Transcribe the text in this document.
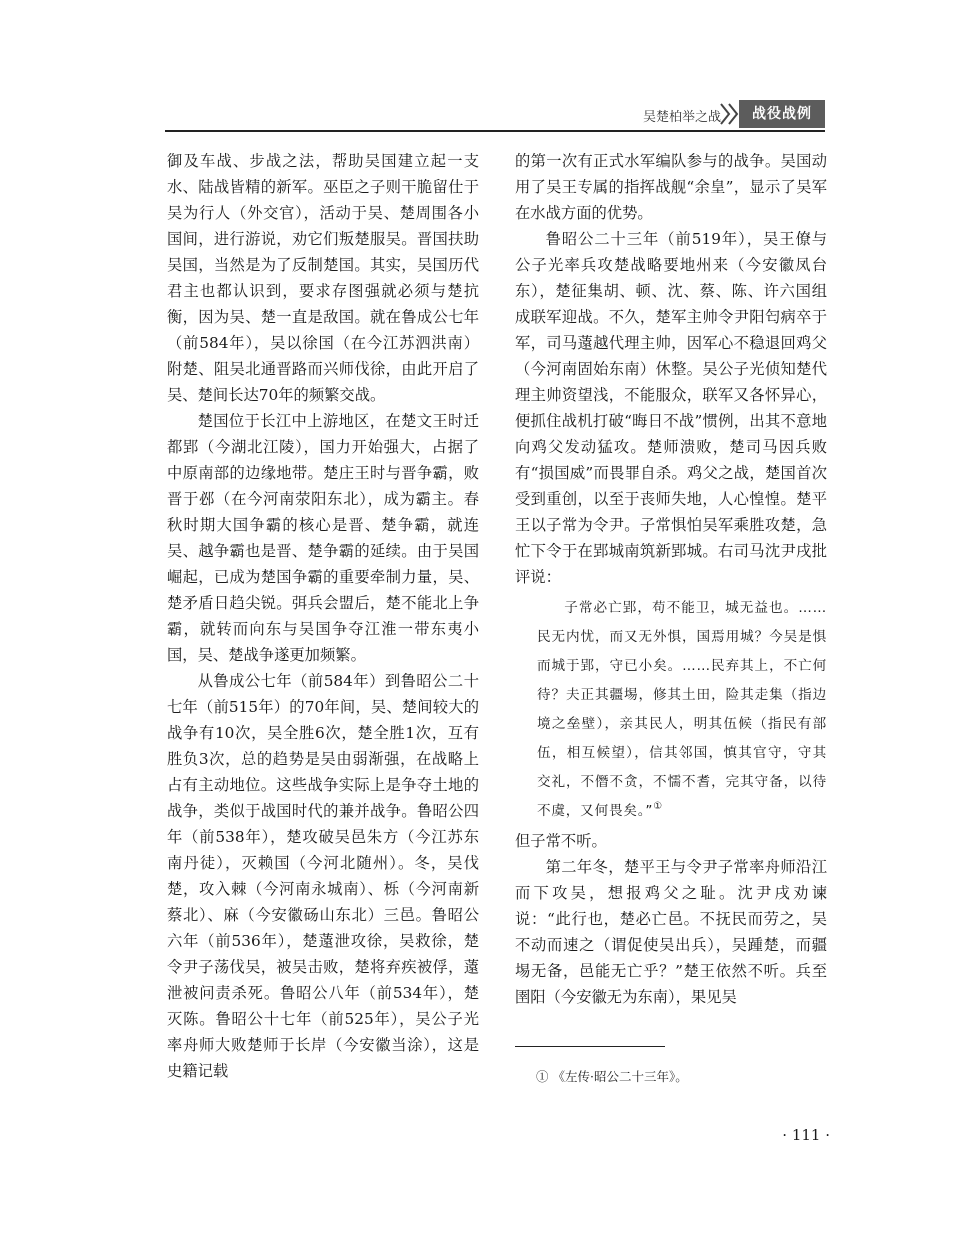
吴楚柏举之战	战役战例

御及车战、步战之法，帮助吴国建立起一支水、陆战皆精的新军。巫臣之子则干脆留仕于吴为行人（外交官），活动于吴、楚周围各小国间，进行游说，劝它们叛楚服吴。晋国扶助吴国，当然是为了反制楚国。其实，吴国历代君主也都认识到，要求存图强就必须与楚抗衡，因为吴、楚一直是敌国。就在鲁成公七年（前584年），吴以徐国（在今江苏泗洪南）附楚、阻吴北通晋路而兴师伐徐，由此开启了吴、楚间长达70年的频繁交战。

楚国位于长江中上游地区，在楚文王时迁都郢（今湖北江陵），国力开始强大，占据了中原南部的边缘地带。楚庄王时与晋争霸，败晋于邲（在今河南荥阳东北），成为霸主。春秋时期大国争霸的核心是晋、楚争霸，就连吴、越争霸也是晋、楚争霸的延续。由于吴国崛起，已成为楚国争霸的重要牵制力量，吴、楚矛盾日趋尖锐。弭兵会盟后，楚不能北上争霸，就转而向东与吴国争夺江淮一带东夷小国，吴、楚战争遂更加频繁。

从鲁成公七年（前584年）到鲁昭公二十七年（前515年）的70年间，吴、楚间较大的战争有10次，吴全胜6次，楚全胜1次，互有胜负3次，总的趋势是吴由弱渐强，在战略上占有主动地位。这些战争实际上是争夺土地的战争，类似于战国时代的兼并战争。鲁昭公四年（前538年），楚攻破吴邑朱方（今江苏东南丹徒），灭赖国（今河北随州）。冬，吴伐楚，攻入棘（今河南永城南）、栎（今河南新蔡北）、麻（今安徽砀山东北）三邑。鲁昭公六年（前536年），楚薳泄攻徐，吴救徐，楚令尹子荡伐吴，被吴击败，楚将弃疾被俘，薳泄被问责杀死。鲁昭公八年（前534年），楚灭陈。鲁昭公十七年（前525年），吴公子光率舟师大败楚师于长岸（今安徽当涂），这是史籍记载

的第一次有正式水军编队参与的战争。吴国动用了吴王专属的指挥战舰“余皇”，显示了吴军在水战方面的优势。

鲁昭公二十三年（前519年），吴王僚与公子光率兵攻楚战略要地州来（今安徽凤台东），楚征集胡、顿、沈、蔡、陈、许六国组成联军迎战。不久，楚军主帅令尹阳匄病卒于军，司马薳越代理主帅，因军心不稳退回鸡父（今河南固始东南）休整。吴公子光侦知楚代理主帅资望浅，不能服众，联军又各怀异心，便抓住战机打破“晦日不战”惯例，出其不意地向鸡父发动猛攻。楚师溃败，楚司马因兵败有“损国威”而畏罪自杀。鸡父之战，楚国首次受到重创，以至于丧师失地，人心惶惶。楚平王以子常为令尹。子常惧怕吴军乘胜攻楚，急忙下令于在郢城南筑新郢城。右司马沈尹戌批评说：

子常必亡郢，苟不能卫，城无益也。……民无内忧，而又无外惧，国焉用城？今吴是惧而城于郢，守已小矣。……民弃其上，不亡何待？夫正其疆埸，修其土田，险其走集（指边境之垒壁），亲其民人，明其伍候（指民有部伍，相互候望），信其邻国，慎其官守，守其交礼，不僭不贪，不懦不耆，完其守备，以待不虞，又何畏矣。”①

但子常不听。

第二年冬，楚平王与令尹子常率舟师沿江而下攻吴，想报鸡父之耻。沈尹戌劝谏说：“此行也，楚必亡邑。不抚民而劳之，吴不动而速之（谓促使吴出兵），吴踵楚，而疆埸无备，邑能无亡乎？”楚王依然不听。兵至圉阳（今安徽无为东南），果见吴

① 《左传·昭公二十三年》。
· 111 ·
